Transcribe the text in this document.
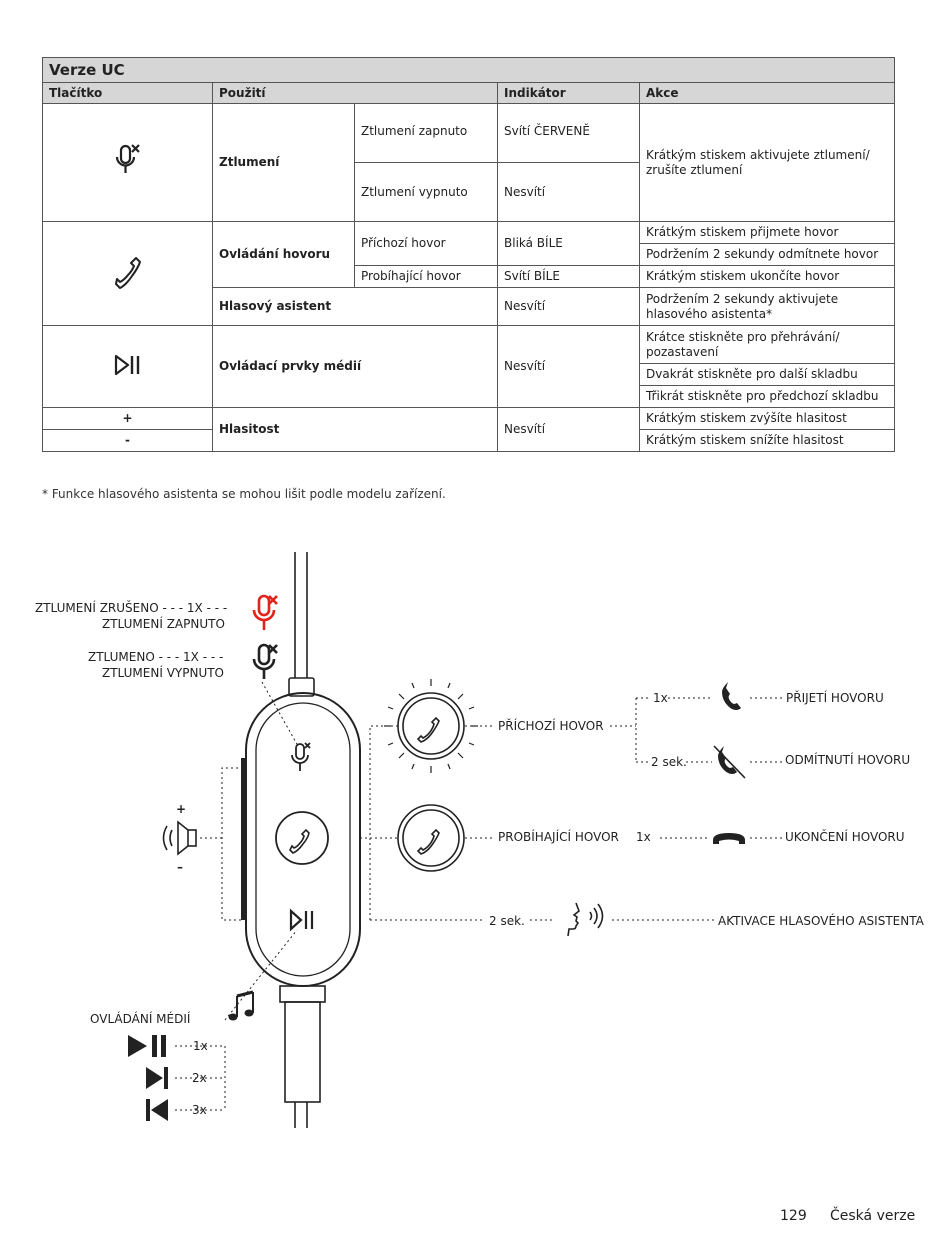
Verze UC				
Tlačítko	Použití		Indikátor	Akce
	Ztlumení	Ztlumení zapnuto	Svítí ČERVENĚ	Krátkým stiskem aktivujete ztlumení/ zrušíte ztlumení
		Ztlumení vypnuto	Nesvítí	
	Ovládání hovoru	Příchozí hovor	Bliká BÍLE	Krátkým stiskem přijmete hovor
				Podržením 2 sekundy odmítnete hovor
		Probíhající hovor	Svítí BÍLE	Krátkým stiskem ukončíte hovor
	Hlasový asistent		Nesvítí	Podržením 2 sekundy aktivujete hlasového asistenta*
	Ovládací prvky médií		Nesvítí	Krátce stiskněte pro přehrávání/ pozastavení
				Dvakrát stiskněte pro další skladbu
				Třikrát stiskněte pro předchozí skladbu
+	Hlasitost		Nesvítí	Krátkým stiskem zvýšíte hlasitost
-				Krátkým stiskem snížíte hlasitost
* Funkce hlasového asistenta se mohou lišit podle modelu zařízení.
ZTLUMENÍ ZRUŠENO - - - 1X - - -
ZTLUMENÍ ZAPNUTO
ZTLUMENO - - - 1X - - -
ZTLUMENÍ VYPNUTO
PŘÍCHOZÍ HOVOR
1x	PŘIJETÍ HOVORU
2 sek.	ODMÍTNUTÍ HOVORU
PROBÍHAJÍCÍ HOVOR 1x	UKONČENÍ HOVORU
2 sek.	AKTIVACE HLASOVÉHO ASISTENTA
+
–
OVLÁDÁNÍ MÉDIÍ
1x
2x
3x
129 Česká verze
